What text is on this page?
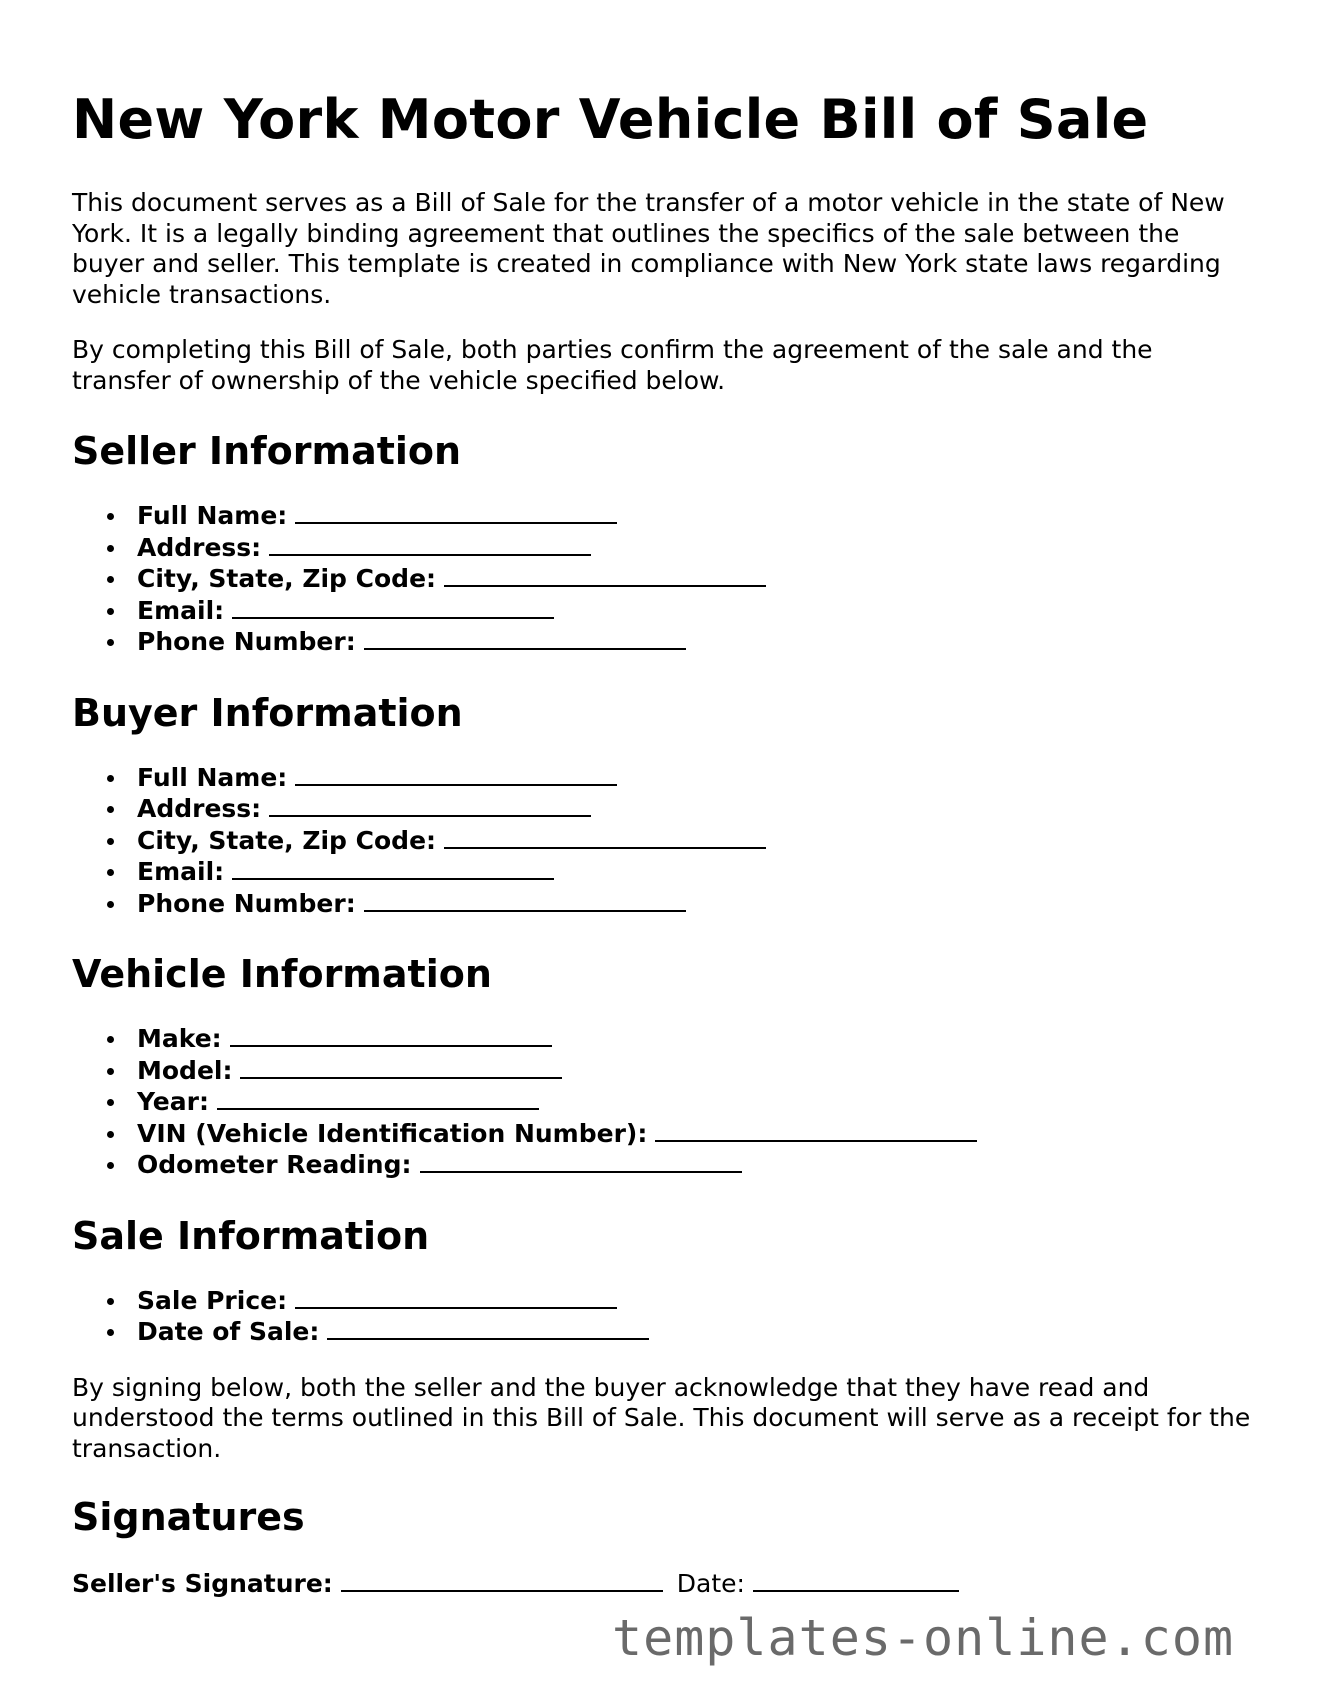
New York Motor Vehicle Bill of Sale

This document serves as a Bill of Sale for the transfer of a motor vehicle in the state of New York. It is a legally binding agreement that outlines the specifics of the sale between the buyer and seller. This template is created in compliance with New York state laws regarding vehicle transactions.

By completing this Bill of Sale, both parties confirm the agreement of the sale and the transfer of ownership of the vehicle specified below.

Seller Information
Full Name:
Address:
City, State, Zip Code:
Email:
Phone Number:
Buyer Information
Full Name:
Address:
City, State, Zip Code:
Email:
Phone Number:
Vehicle Information
Make:
Model:
Year:
VIN (Vehicle Identification Number):
Odometer Reading:
Sale Information
Sale Price:
Date of Sale:

By signing below, both the seller and the buyer acknowledge that they have read and understood the terms outlined in this Bill of Sale. This document will serve as a receipt for the transaction.

Signatures
Seller's Signature:	Date:
templates-online.com
